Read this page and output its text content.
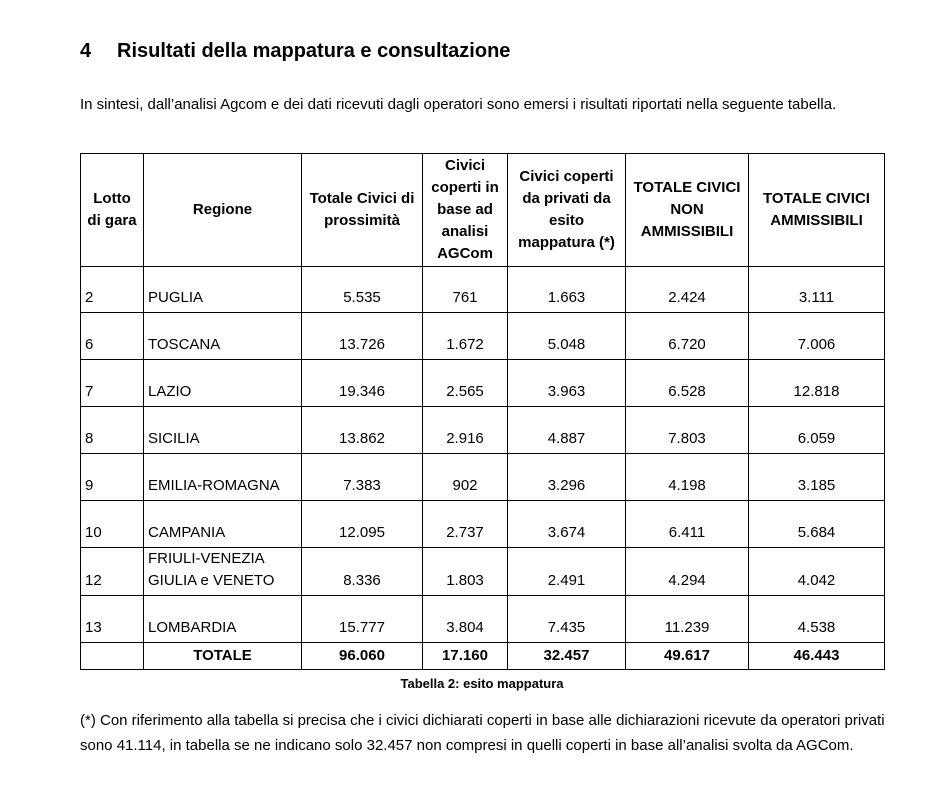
4 Risultati della mappatura e consultazione
In sintesi, dall’analisi Agcom e dei dati ricevuti dagli operatori sono emersi i risultati riportati nella seguente tabella.
Lotto di gara	Regione	Totale Civici di prossimità	Civici coperti in base ad analisi AGCom	Civici coperti da privati da esito mappatura (*)	TOTALE CIVICI NON AMMISSIBILI	TOTALE CIVICI AMMISSIBILI
2	PUGLIA	5.535	761	1.663	2.424	3.111
6	TOSCANA	13.726	1.672	5.048	6.720	7.006
7	LAZIO	19.346	2.565	3.963	6.528	12.818
8	SICILIA	13.862	2.916	4.887	7.803	6.059
9	EMILIA-ROMAGNA	7.383	902	3.296	4.198	3.185
10	CAMPANIA	12.095	2.737	3.674	6.411	5.684
12	FRIULI-VENEZIA GIULIA e VENETO	8.336	1.803	2.491	4.294	4.042
13	LOMBARDIA	15.777	3.804	7.435	11.239	4.538
	TOTALE	96.060	17.160	32.457	49.617	46.443
Tabella 2: esito mappatura
(*) Con riferimento alla tabella si precisa che i civici dichiarati coperti in base alle dichiarazioni ricevute da operatori privati sono 41.114, in tabella se ne indicano solo 32.457 non compresi in quelli coperti in base all’analisi svolta da AGCom.
